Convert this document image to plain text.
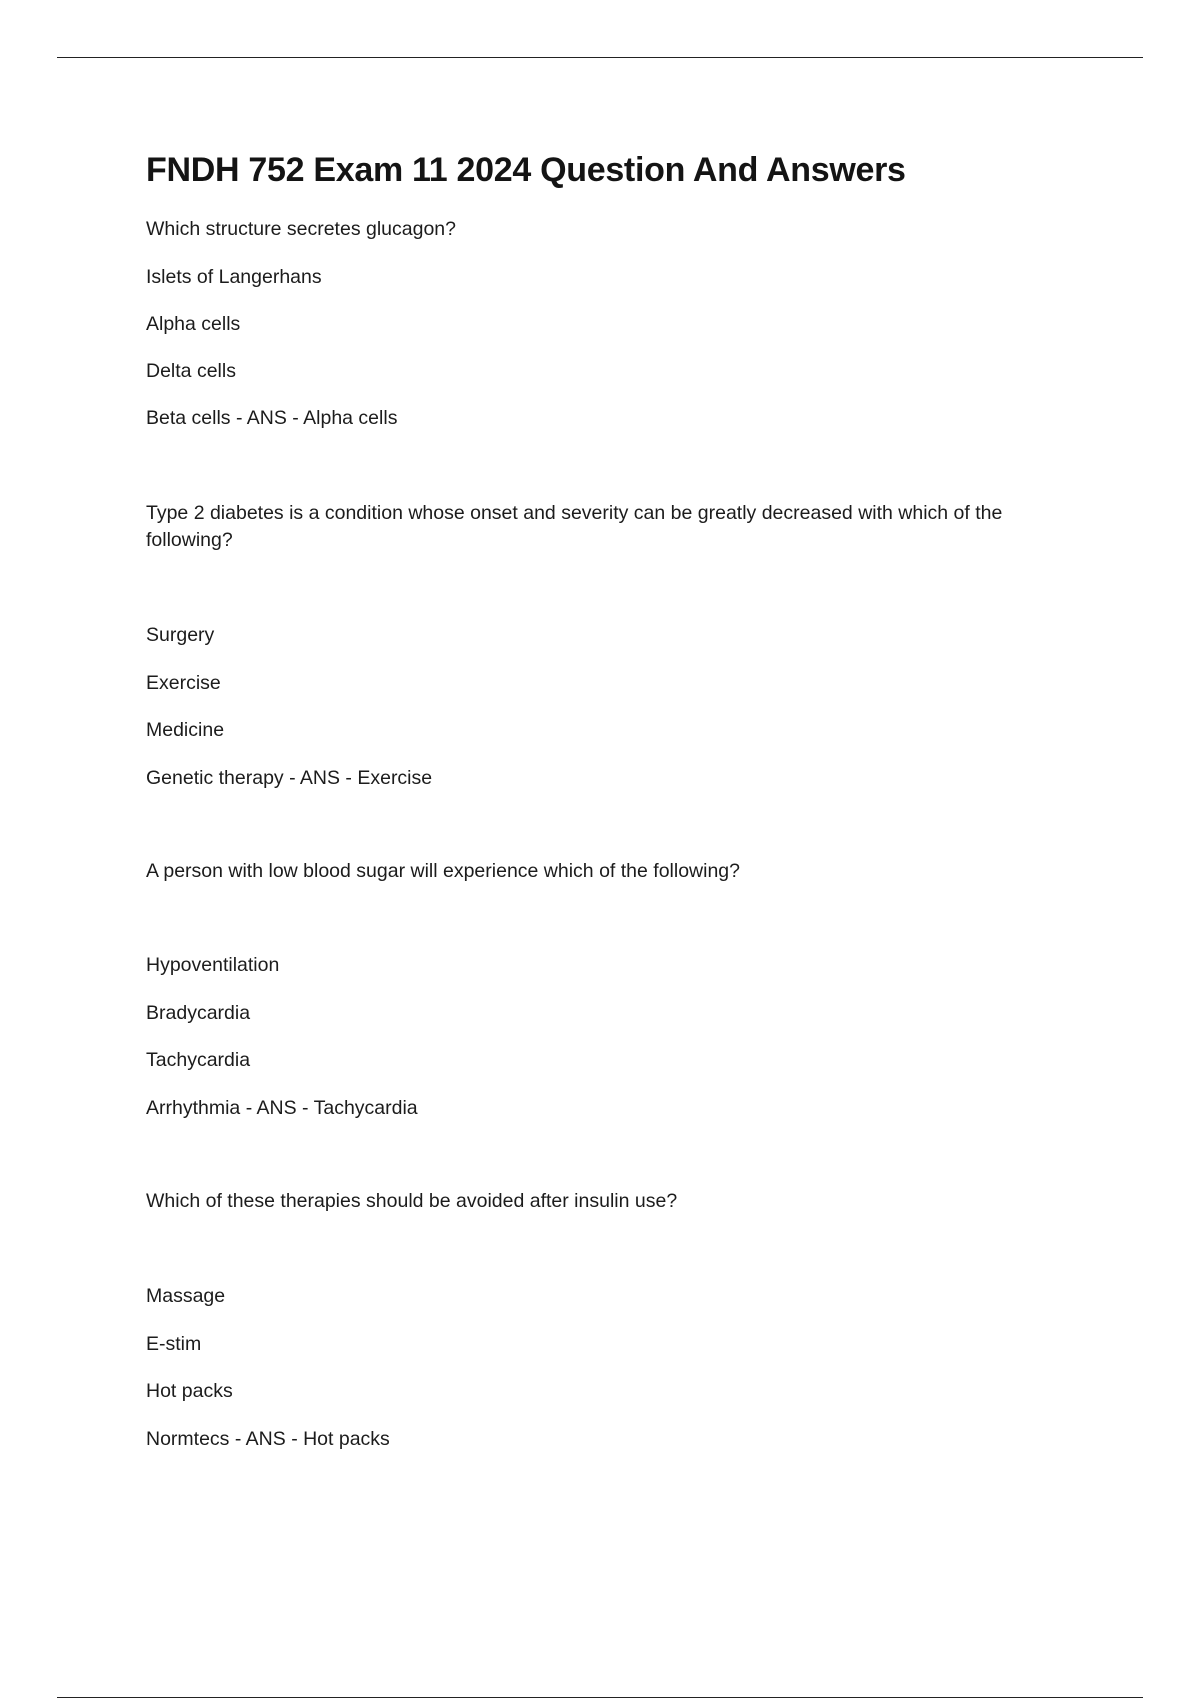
FNDH 752 Exam 11 2024 Question And Answers

Which structure secretes glucagon?

Islets of Langerhans

Alpha cells

Delta cells

Beta cells - ANS - Alpha cells

Type 2 diabetes is a condition whose onset and severity can be greatly decreased with which of the following?

Surgery

Exercise

Medicine

Genetic therapy - ANS - Exercise

A person with low blood sugar will experience which of the following?

Hypoventilation

Bradycardia

Tachycardia

Arrhythmia - ANS - Tachycardia

Which of these therapies should be avoided after insulin use?

Massage

E-stim

Hot packs

Normtecs - ANS - Hot packs
